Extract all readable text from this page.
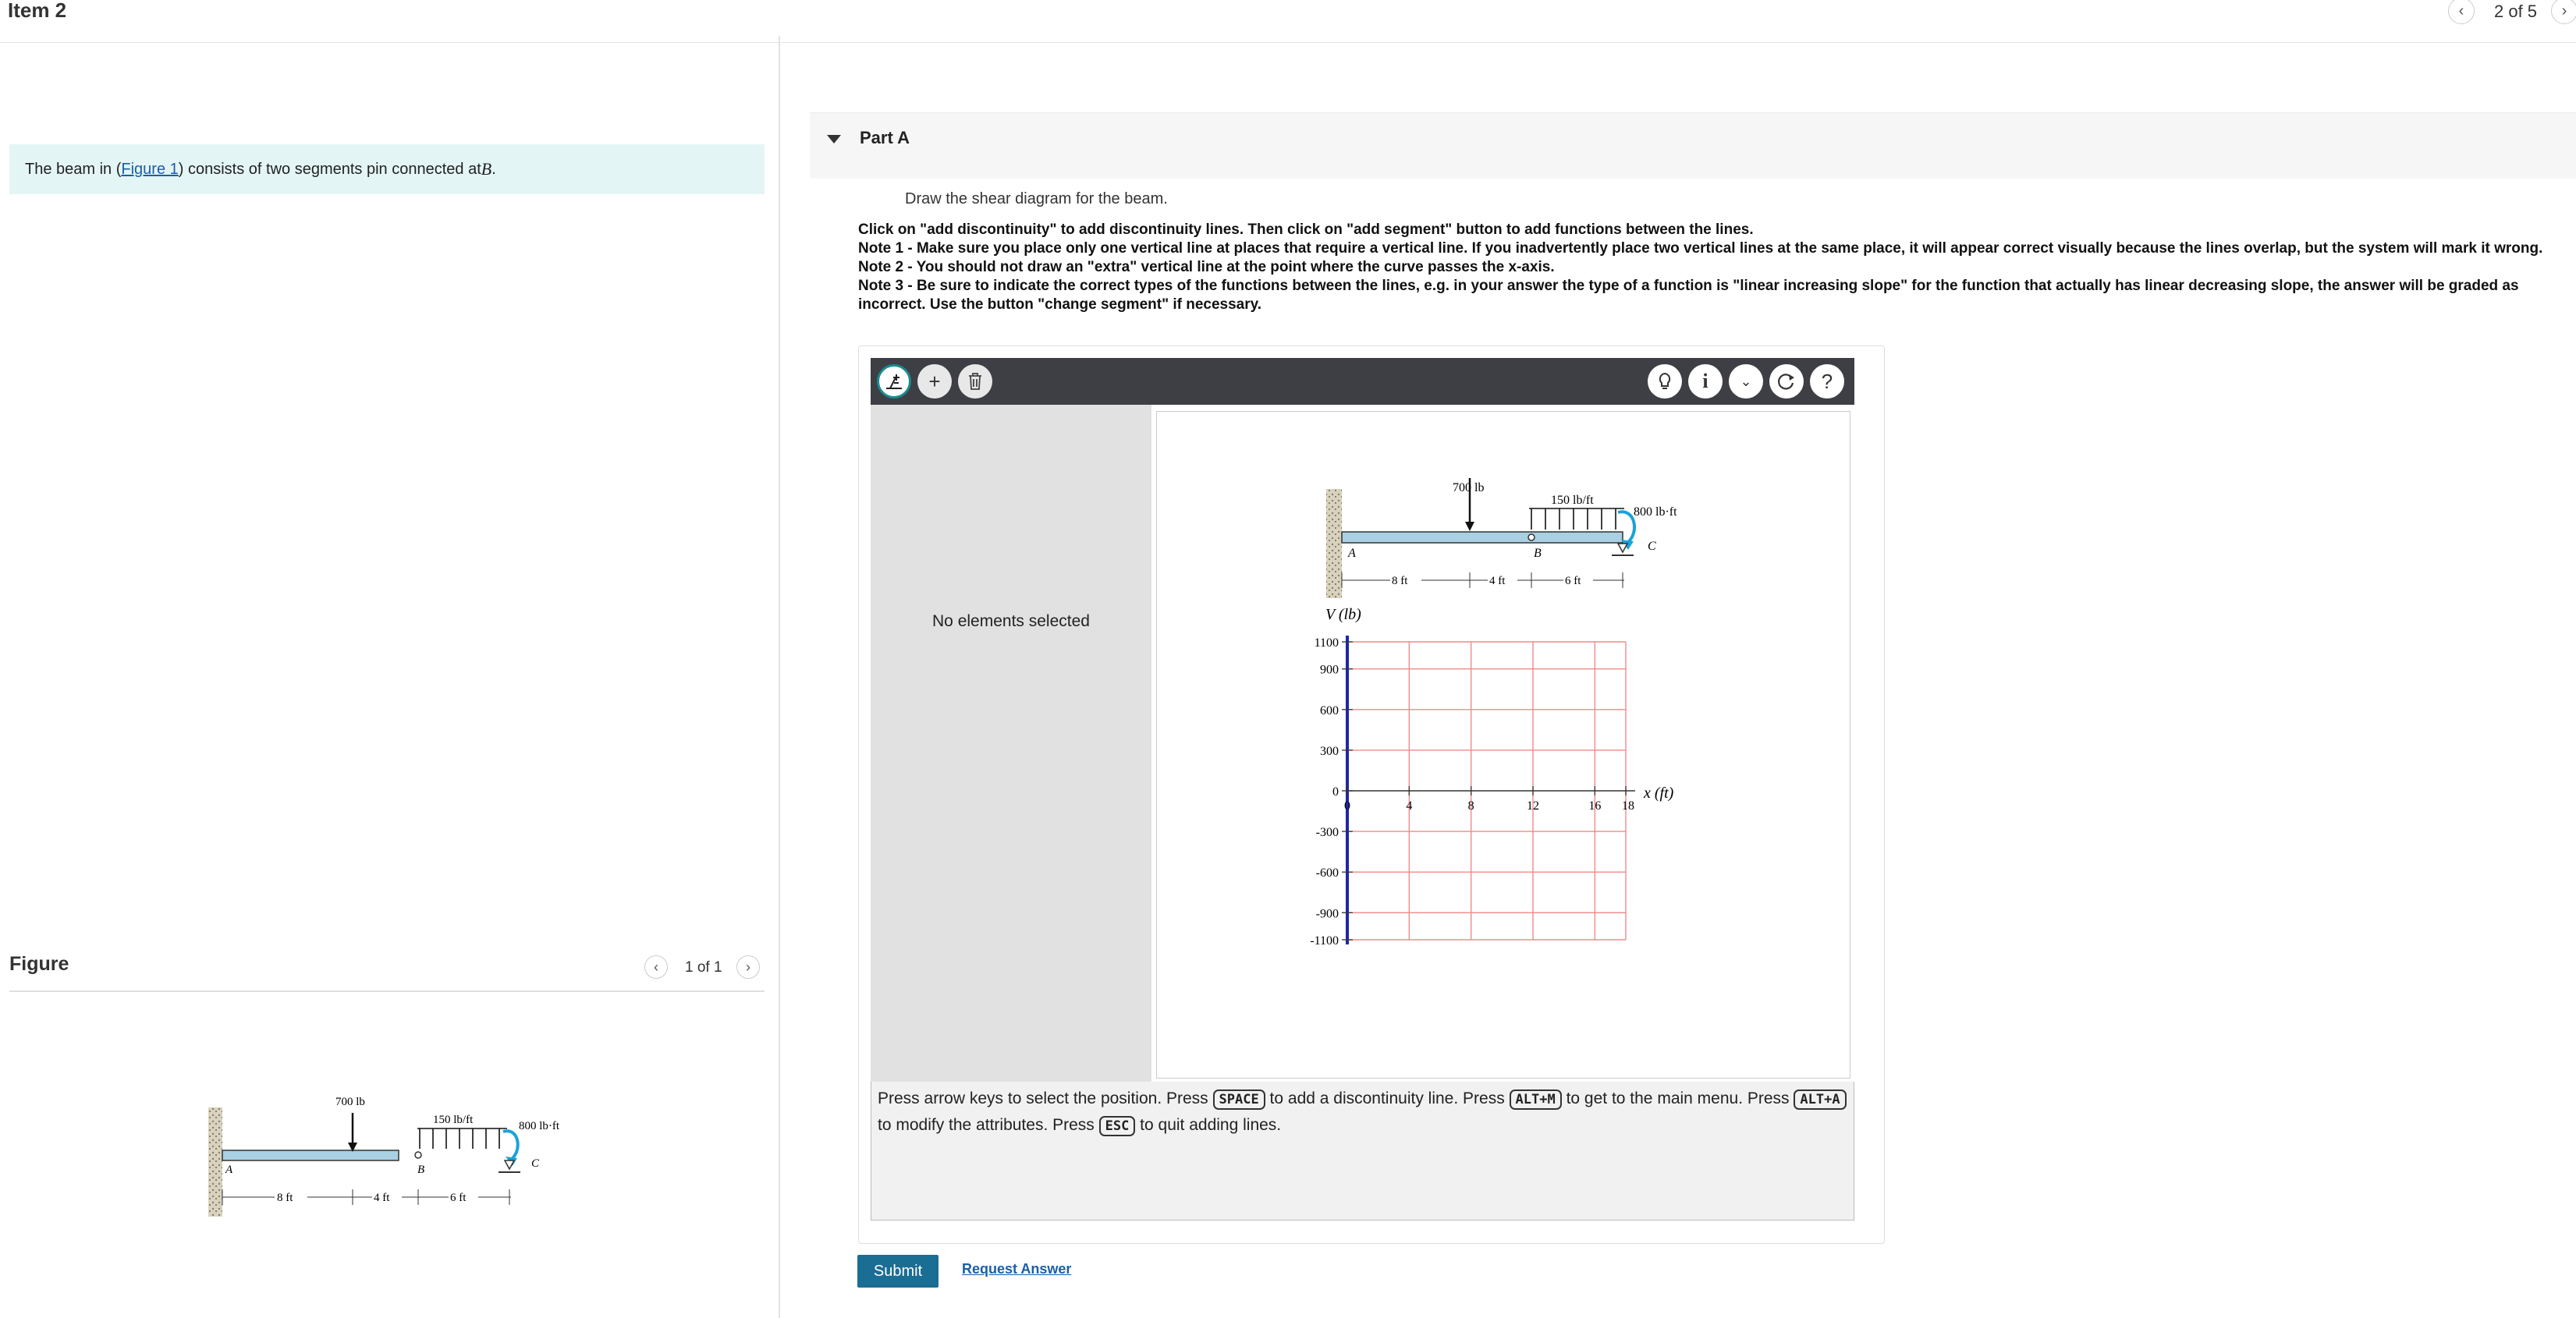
Item 2	‹ 2 of 5 ›
The beam in ( Figure 1 ) consists of two segments pin connected at B .
Figure	‹ 1 of 1 ›
700 lb
150 lb/ft	800 lb·ft
A	B	C
8 ft	4 ft	6 ft
Part A
Draw the shear diagram for the beam.
Click on "add discontinuity" to add discontinuity lines. Then click on "add segment" button to add functions between the lines.
Note 1 - Make sure you place only one vertical line at places that require a vertical line. If you inadvertently place two vertical lines at the same place, it will appear correct visually because the lines overlap, but the system will mark it wrong.
Note 2 - You should not draw an "extra" vertical line at the point where the curve passes the x-axis.
Note 3 - Be sure to indicate the correct types of the functions between the lines, e.g. in your answer the type of a function is "linear increasing slope" for the function that actually has linear decreasing slope, the answer will be graded as incorrect. Use the button "change segment" if necessary.
+	i ⌄	?
No elements selected
700 lb
150 lb/ft
800 lb·ft
A	B
C
8 ft	4 ft	6 ft
V (lb)
1100
900
600
300
0
-300
-600
-900
-1100
0	4	8	12	16 18
x (ft)
Press arrow keys to select the position. Press SPACE to add a discontinuity line. Press ALT+M to get to the main menu. Press ALT+A to modify the attributes. Press ESC to quit adding lines.
Submit	Request Answer
